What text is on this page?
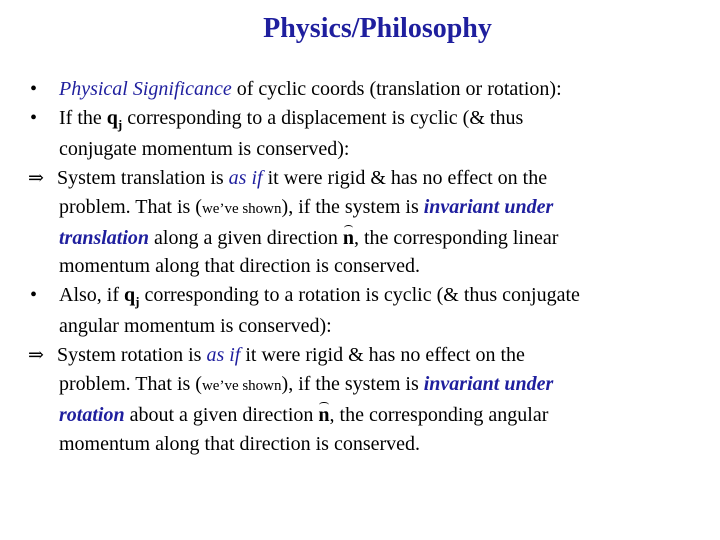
Physics/Philosophy
• Physical Significance of cyclic coords (translation or rotation):
• If the $q_j$ corresponding to a displacement is cyclic (& thus
conjugate momentum is conserved):
⇒ System translation is as if it were rigid & has no effect on the
problem. That is (we’ve shown), if the system is invariant under
translation along a given direction n, the corresponding linear
momentum along that direction is conserved.
• Also, if $q_j$ corresponding to a rotation is cyclic (& thus conjugate
angular momentum is conserved):
⇒ System rotation is as if it were rigid & has no effect on the
problem. That is (we’ve shown), if the system is invariant under
rotation about a given direction n, the corresponding angular
momentum along that direction is conserved.
